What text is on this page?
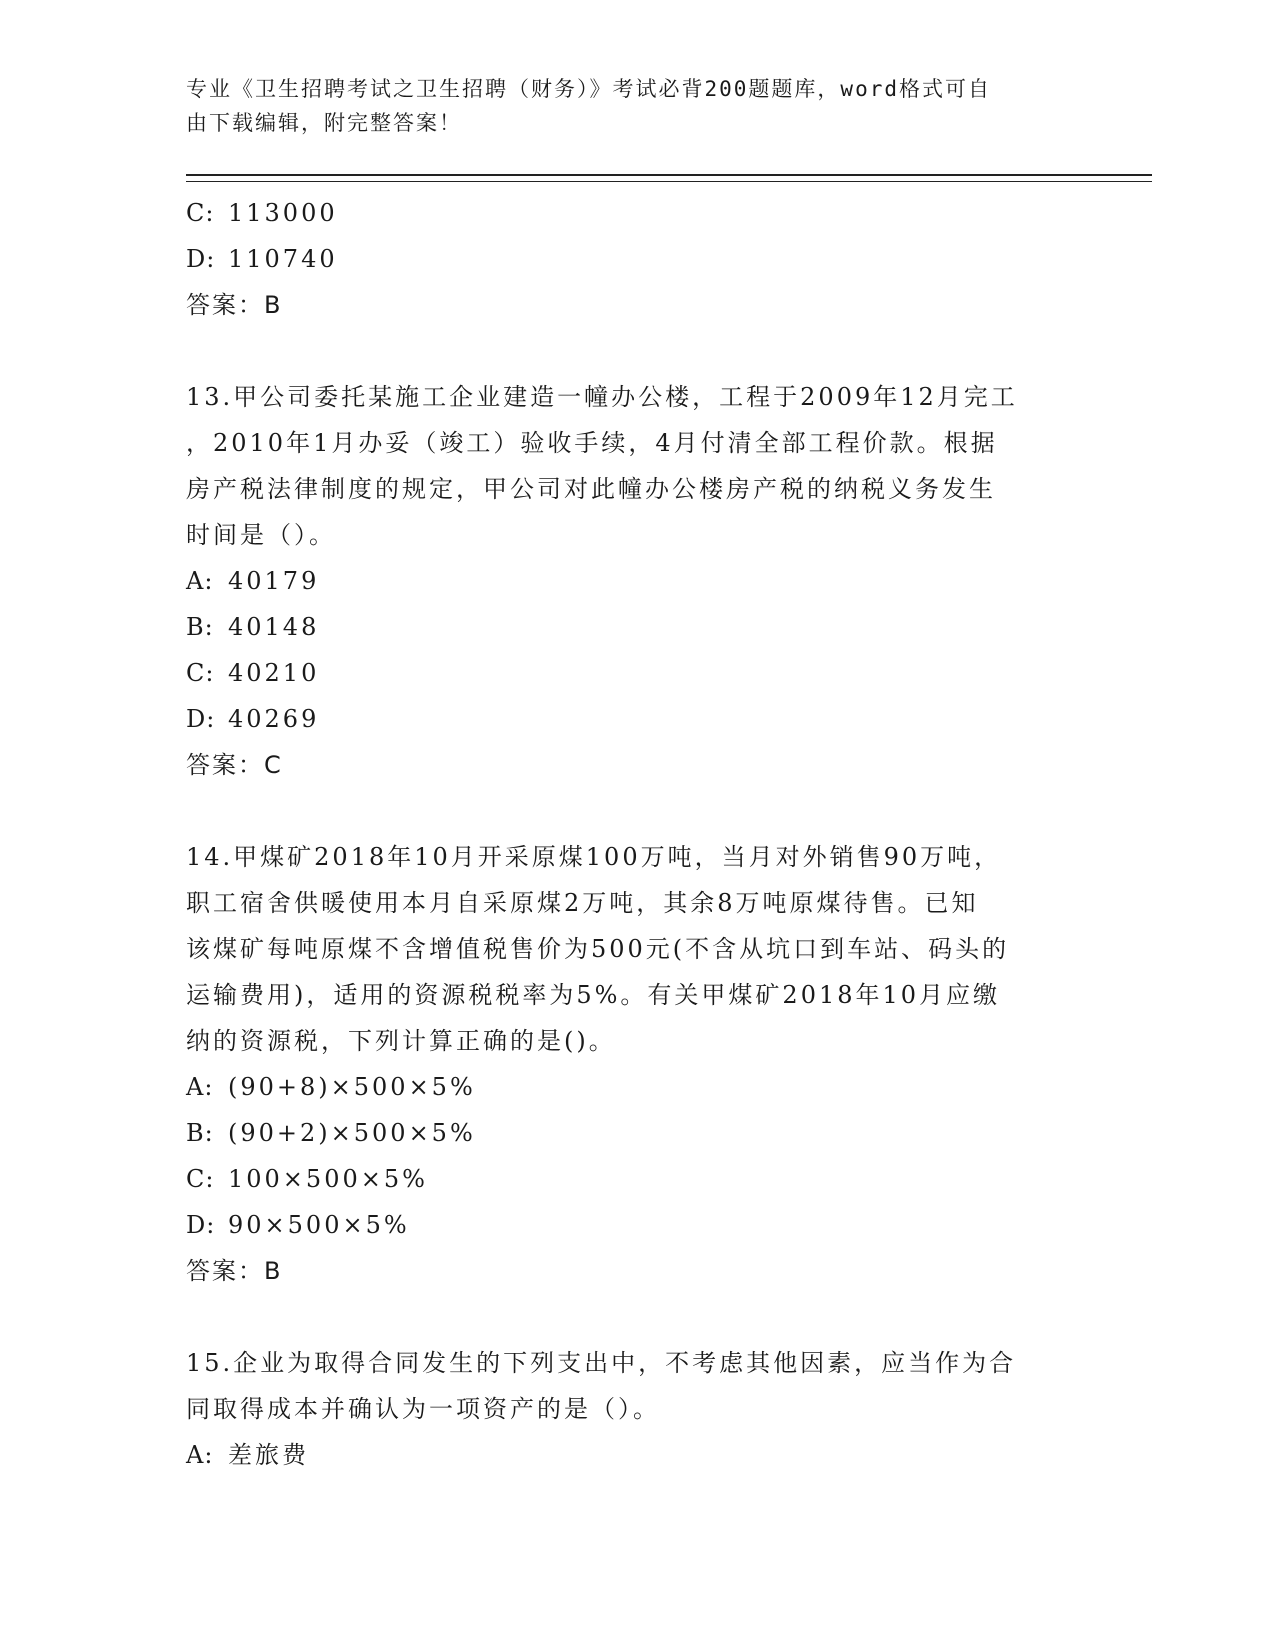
专业《卫生招聘考试之卫生招聘（财务）》考试必背200题题库，word格式可自
由下载编辑，附完整答案！
C: 113000
D: 110740
答案：B
13.甲公司委托某施工企业建造一幢办公楼，工程于2009年12月完工
，2010年1月办妥（竣工）验收手续，4月付清全部工程价款。根据
房产税法律制度的规定，甲公司对此幢办公楼房产税的纳税义务发生
时间是（）。
A: 40179
B: 40148
C: 40210
D: 40269
答案：C
14.甲煤矿2018年10月开采原煤100万吨，当月对外销售90万吨，
职工宿舍供暖使用本月自采原煤2万吨，其余8万吨原煤待售。已知
该煤矿每吨原煤不含增值税售价为500元(不含从坑口到车站、码头的
运输费用)，适用的资源税税率为5%。有关甲煤矿2018年10月应缴
纳的资源税，下列计算正确的是()。
A: (90+8)×500×5%
B: (90+2)×500×5%
C: 100×500×5%
D: 90×500×5%
答案：B
15.企业为取得合同发生的下列支出中，不考虑其他因素，应当作为合
同取得成本并确认为一项资产的是（）。
A: 差旅费
